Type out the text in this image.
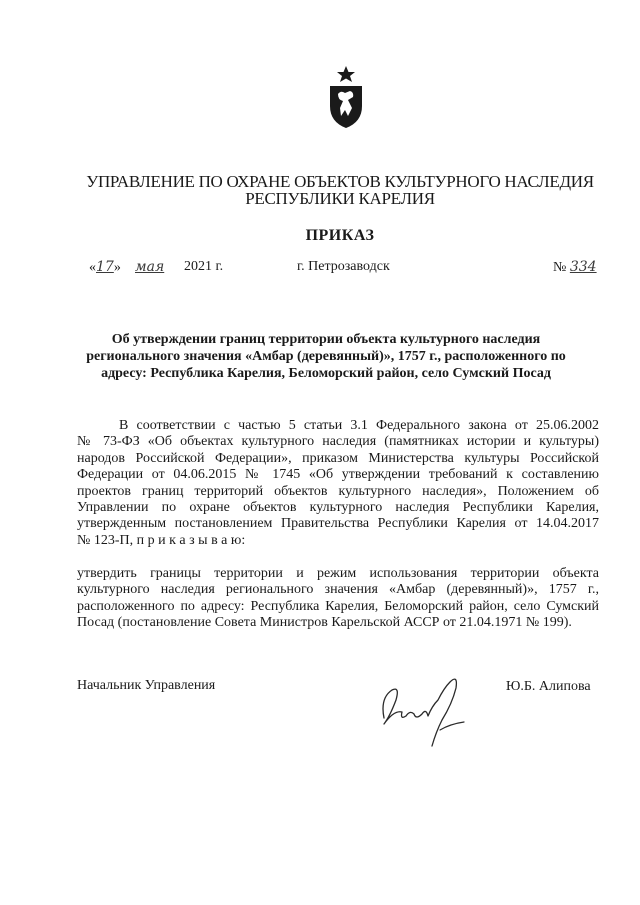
УПРАВЛЕНИЕ ПО ОХРАНЕ ОБЪЕКТОВ КУЛЬТУРНОГО НАСЛЕДИЯ
РЕСПУБЛИКИ КАРЕЛИЯ
ПРИКАЗ
«17» мая 2021 г.	г. Петрозаводск	№ 334
Об утверждении границ территории объекта культурного наследия
регионального значения «Амбар (деревянный)», 1757 г., расположенного по
адресу: Республика Карелия, Беломорский район, село Сумский Посад
В соответствии с частью 5 статьи 3.1 Федерального закона от 25.06.2002
№ 73-ФЗ «Об объектах культурного наследия (памятниках истории и культуры)
народов Российской Федерации», приказом Министерства культуры Российской
Федерации от 04.06.2015 № 1745 «Об утверждении требований к составлению
проектов границ территорий объектов культурного наследия», Положением об
Управлении по охране объектов культурного наследия Республики Карелия,
утвержденным постановлением Правительства Республики Карелия от 14.04.2017
№ 123-П, п р и к а з ы в а ю:
утвердить границы территории и режим использования территории объекта
культурного наследия регионального значения «Амбар (деревянный)», 1757 г.,
расположенного по адресу: Республика Карелия, Беломорский район, село Сумский
Посад (постановление Совета Министров Карельской АССР от 21.04.1971 № 199).
Начальник Управления	Ю.Б. Алипова
